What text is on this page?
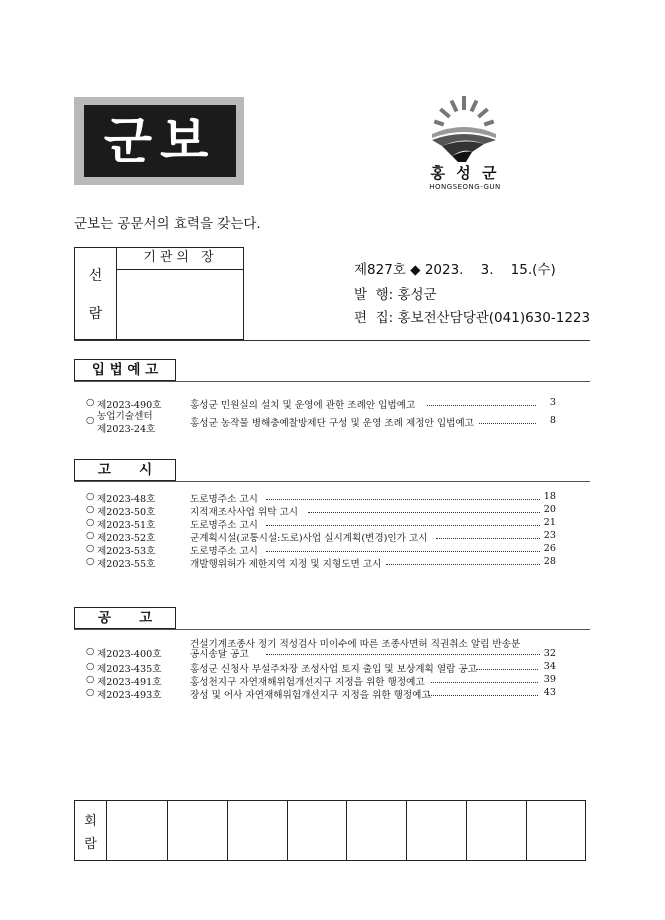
군보
홍 성 군
HONGSEONG-GUN
군보는 공문서의 효력을 갖는다.
선
람
기관의 장
제827호 ◆ 2023.    3.    15.(수)
발  행: 홍성군
편  집: 홍보전산담당관(041)630-1223
입 법 예 고
○ 제2023-490호	홍성군 민원실의 설치 및 운영에 관한 조례안 입법예고	3
○ 농업기술센터
제2023-24호
홍성군 농작물 병해충예찰방제단 구성 및 운영 조례 제정안 입법예고	8
고      시
○ 제2023-48호	도로명주소 고시	18
○ 제2023-50호	지적재조사사업 위탁 고시	20
○ 제2023-51호	도로명주소 고시	21
○ 제2023-52호	군계획시설(교통시설:도로)사업 실시계획(변경)인가 고시	23
○ 제2023-53호	도로명주소 고시	26
○ 제2023-55호	개발행위허가 제한지역 지정 및 지형도면 고시	28
공      고
○ 제2023-400호
건설기계조종사 정기 적성검사 미이수에 따른 조종사면허 직권취소 알림 반송분
공시송달 공고	32
○ 제2023-435호	홍성군 신청사 부설주차장 조성사업 토지 출입 및 보상계획 열람 공고	34
○ 제2023-491호	홍성천지구 자연재해위험개선지구 지정을 위한 행정예고	39
○ 제2023-493호	장성 및 어사 자연재해위험개선지구 지정을 위한 행정예고	43
회
람
